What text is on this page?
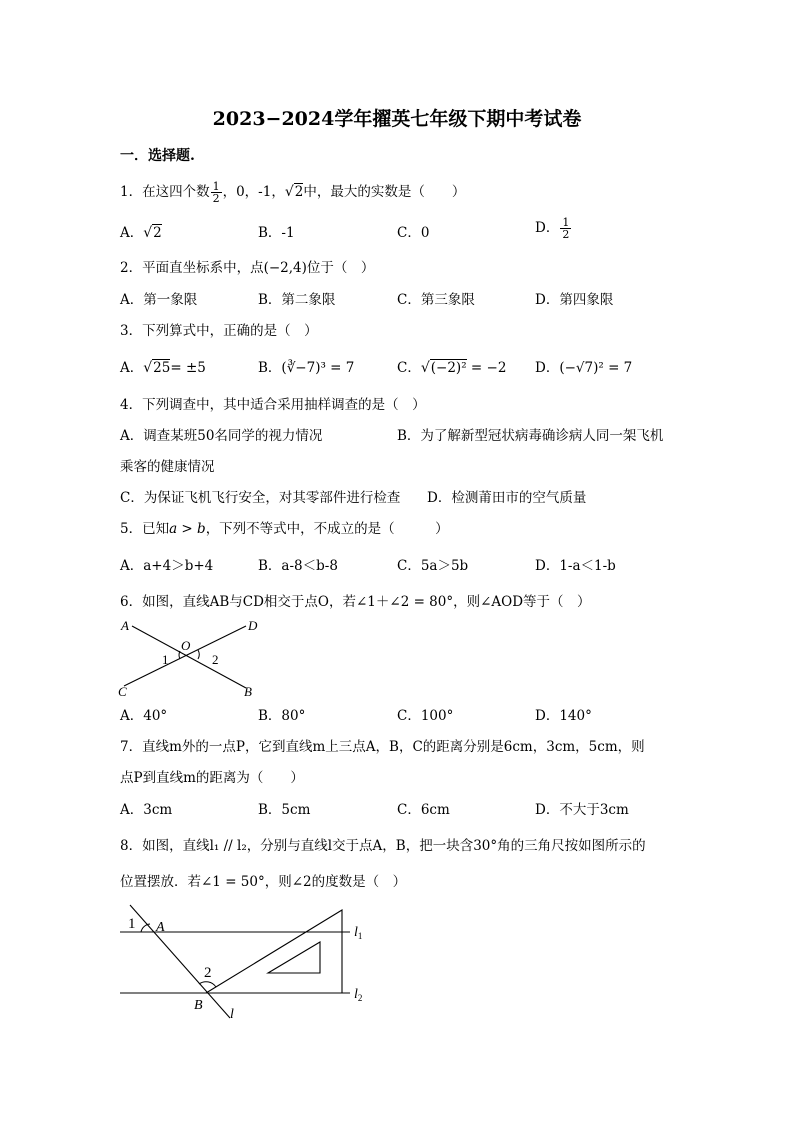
2023−2024学年擢英七年级下期中考试卷
一．选择题.
1．在这四个数 $\frac{1}{2}$ ，0，-1，√2中，最大的实数是（　　）
A．√2	B．-1	C．0	D． $\frac{1}{2}$
2．平面直坐标系中，点(−2,4)位于（　）
A．第一象限	B．第二象限	C．第三象限	D．第四象限
3．下列算式中，正确的是（　）
A．√25= ±5	B．(∛−7)³ = 7	C．√(−2)² = −2 D．(−√7)² = 7
4．下列调查中，其中适合采用抽样调查的是（　）
A．调查某班50名同学的视力情况	B．为了解新型冠状病毒确诊病人同一架飞机
乘客的健康情况
C．为保证飞机飞行安全，对其零部件进行检查 D．检测莆田市的空气质量
5．已知a > b，下列不等式中，不成立的是（　　　）
A．a+4＞b+4	B．a-8＜b-8	C．5a＞5b	D．1-a＜1-b
6．如图，直线AB与CD相交于点O，若∠1＋∠2 = 80°，则∠AOD等于（　）
A	D
O
1	2
C	B
A．40°	B．80°	C．100°	D．140°
7．直线m外的一点P，它到直线m上三点A，B，C的距离分别是6cm，3cm，5cm，则
点P到直线m的距离为（　　）
A．3cm	B．5cm	C．6cm	D．不大于3cm
8．如图，直线l₁ // l₂，分别与直线l交于点A，B，把一块含30°角的三角尺按如图所示的
位置摆放．若∠1 = 50°，则∠2的度数是（　）
1 A
2
B
l
$l_1$
$l_2$
